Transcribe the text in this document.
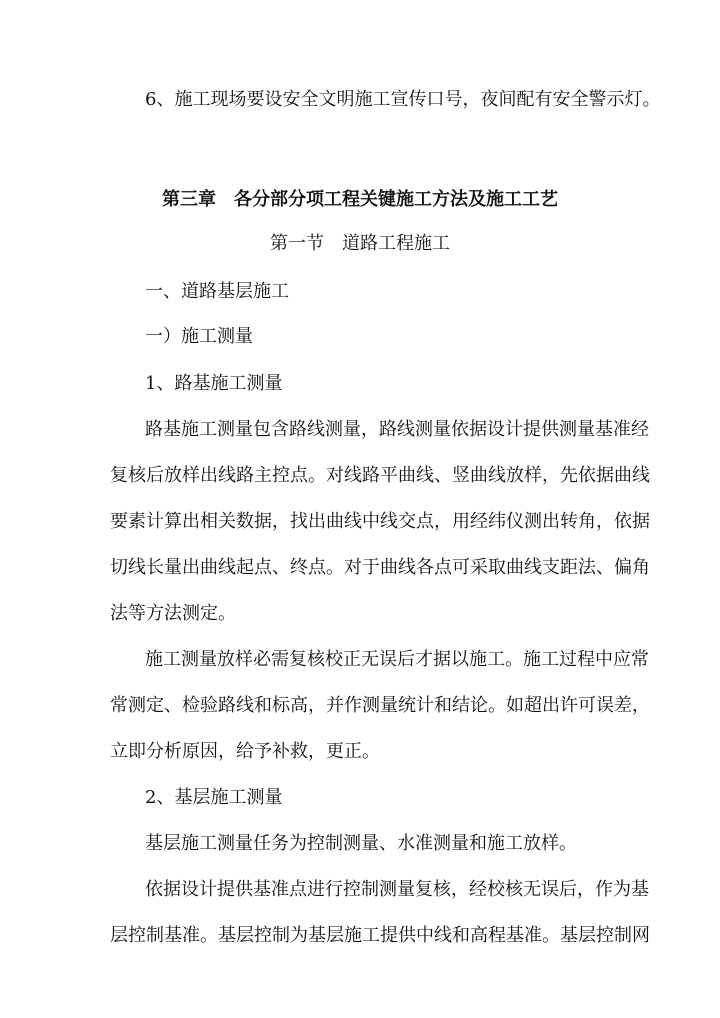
6、施工现场要设安全文明施工宣传口号，夜间配有安全警示灯。
第三章　各分部分项工程关键施工方法及施工工艺
第一节　道路工程施工
一、道路基层施工
一）施工测量
1、路基施工测量
路基施工测量包含路线测量，路线测量依据设计提供测量基准经
复核后放样出线路主控点。对线路平曲线、竖曲线放样，先依据曲线
要素计算出相关数据，找出曲线中线交点，用经纬仪测出转角，依据
切线长量出曲线起点、终点。对于曲线各点可采取曲线支距法、偏角
法等方法测定。
施工测量放样必需复核校正无误后才据以施工。施工过程中应常
常测定、检验路线和标高，并作测量统计和结论。如超出许可误差，
立即分析原因，给予补救，更正。
2、基层施工测量
基层施工测量任务为控制测量、水准测量和施工放样。
依据设计提供基准点进行控制测量复核，经校核无误后，作为基
层控制基准。基层控制为基层施工提供中线和高程基准。基层控制网
